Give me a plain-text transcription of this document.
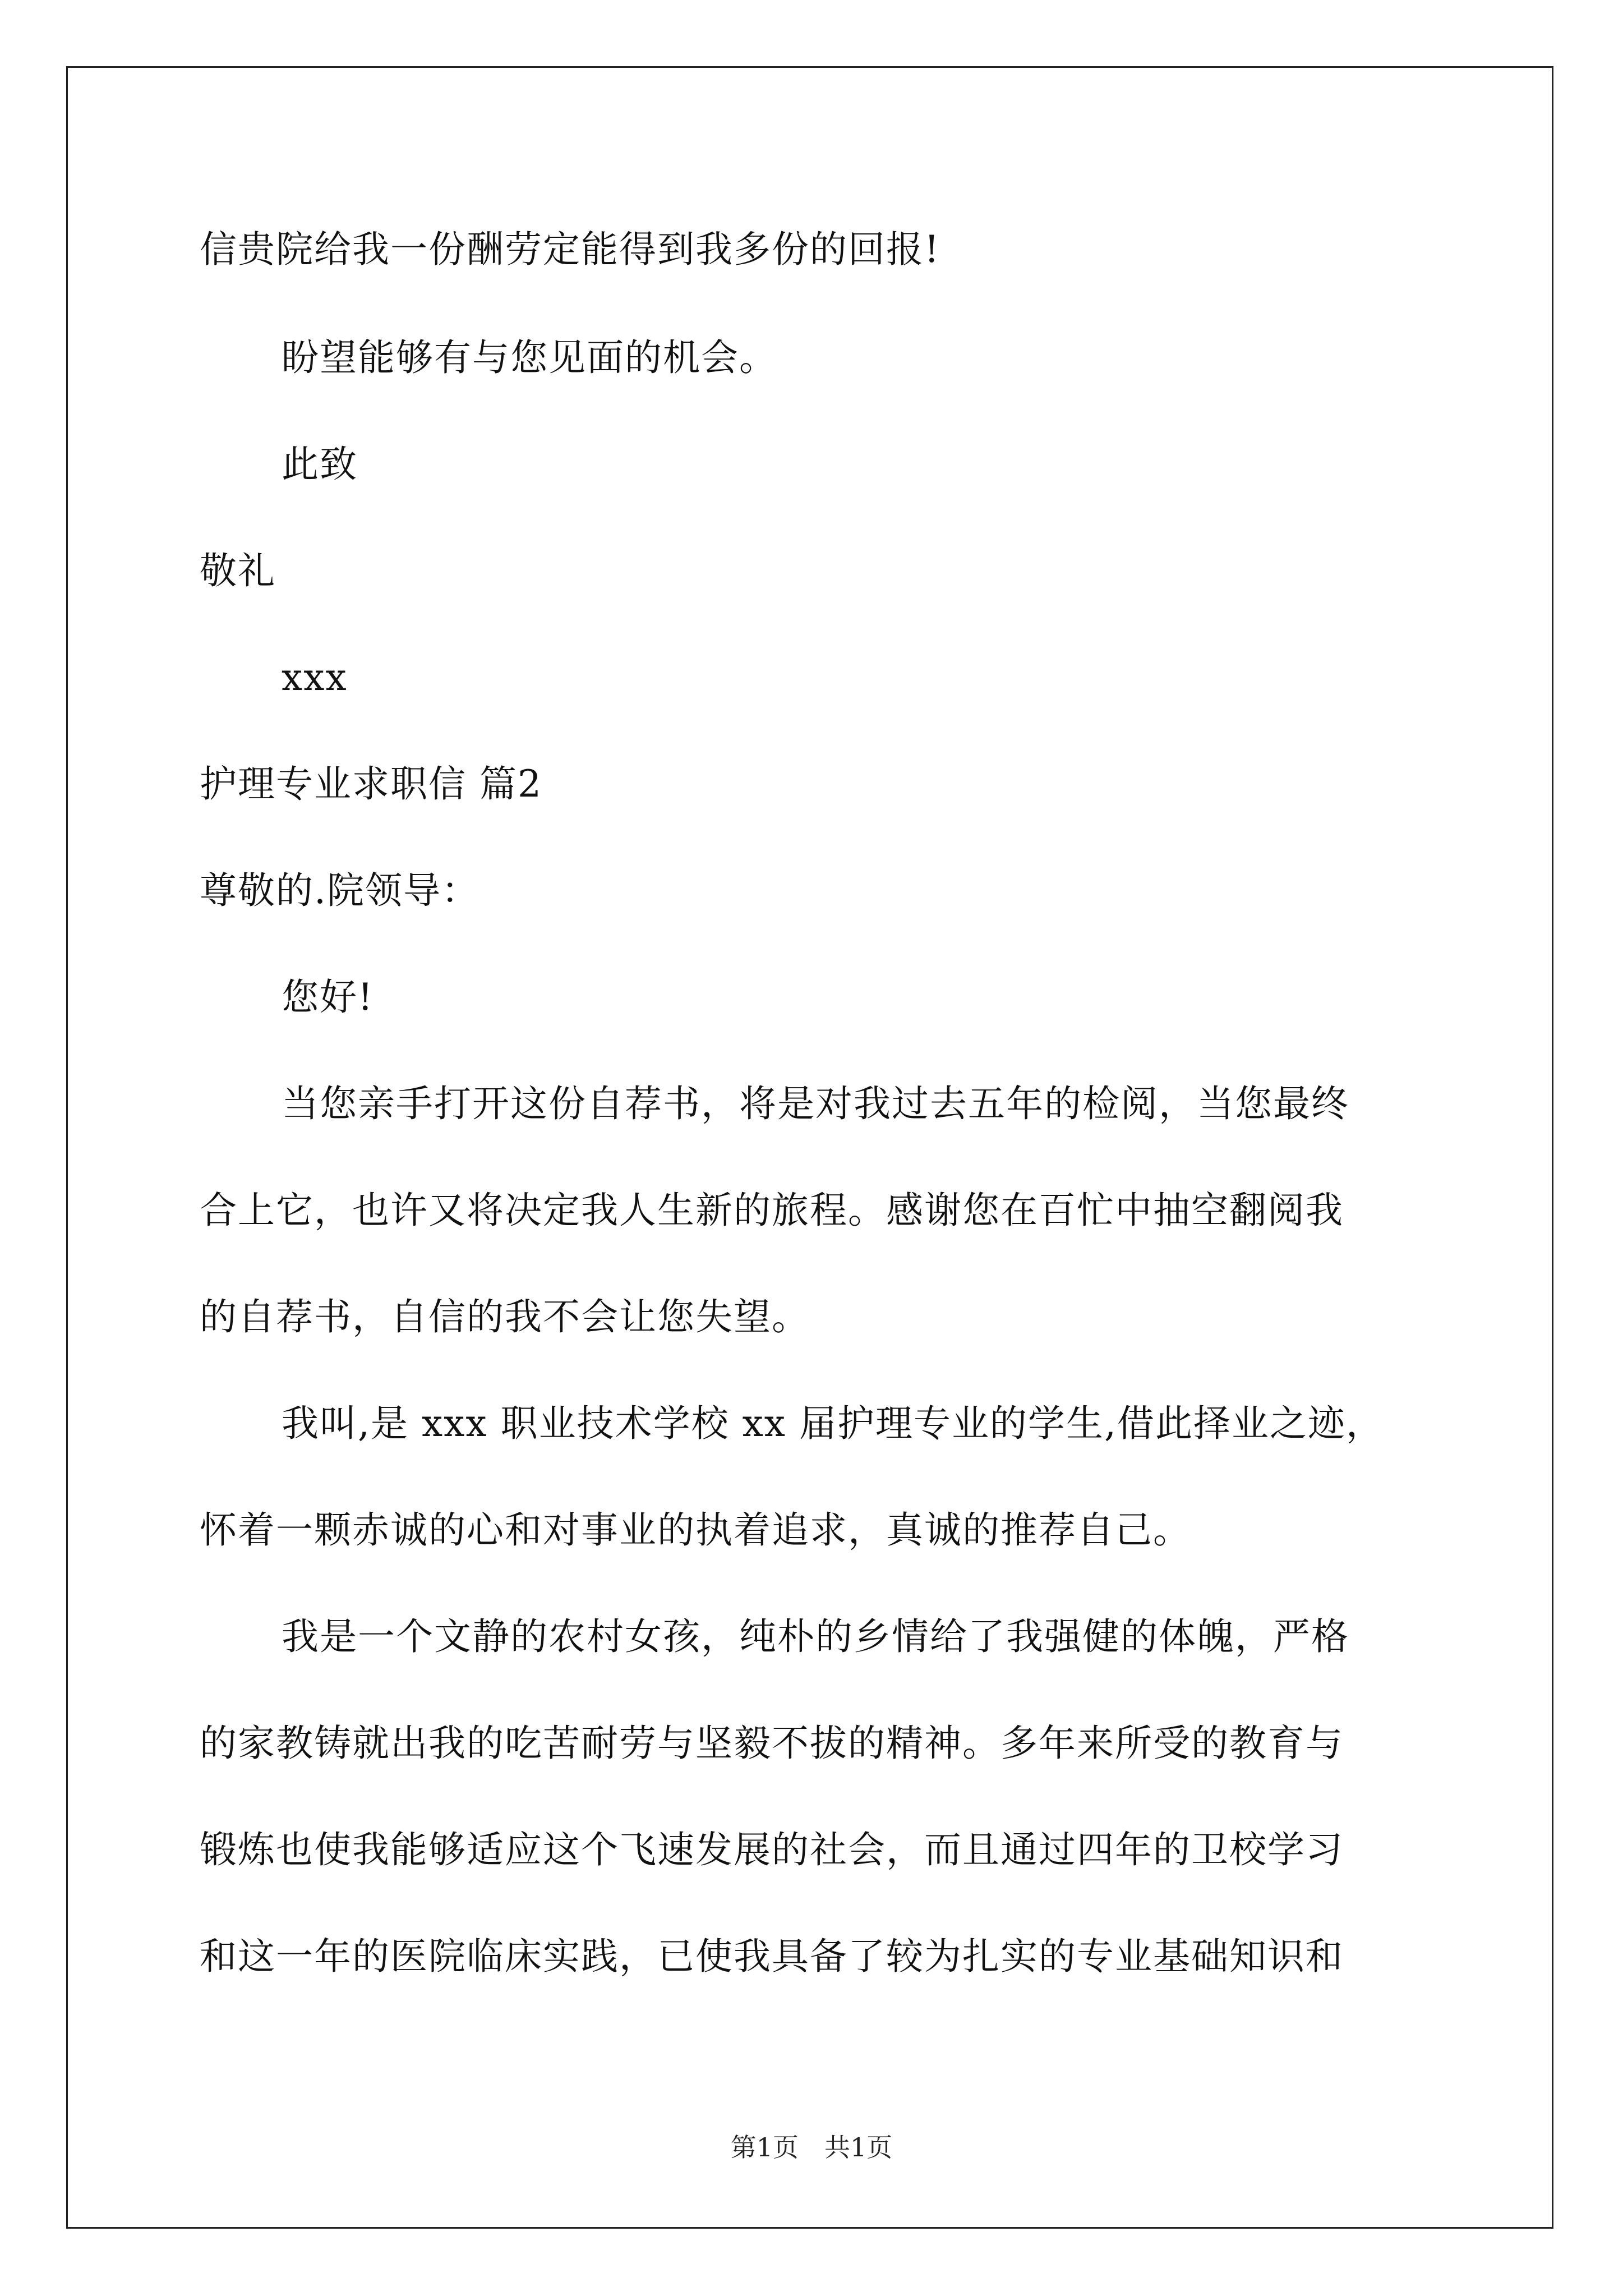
信贵院给我一份酬劳定能得到我多份的回报!
盼望能够有与您见面的机会。
此致
敬礼
xxx
护理专业求职信 篇2
尊敬的.院领导：
您好!
当您亲手打开这份自荐书，将是对我过去五年的检阅，当您最终
合上它，也许又将决定我人生新的旅程。感谢您在百忙中抽空翻阅我
的自荐书，自信的我不会让您失望。
我叫,是 xxx 职业技术学校 xx 届护理专业的学生,借此择业之迹，
怀着一颗赤诚的心和对事业的执着追求，真诚的推荐自己。
我是一个文静的农村女孩，纯朴的乡情给了我强健的体魄，严格
的家教铸就出我的吃苦耐劳与坚毅不拔的精神。多年来所受的教育与
锻炼也使我能够适应这个飞速发展的社会，而且通过四年的卫校学习
和这一年的医院临床实践，已使我具备了较为扎实的专业基础知识和
第1页　共1页
